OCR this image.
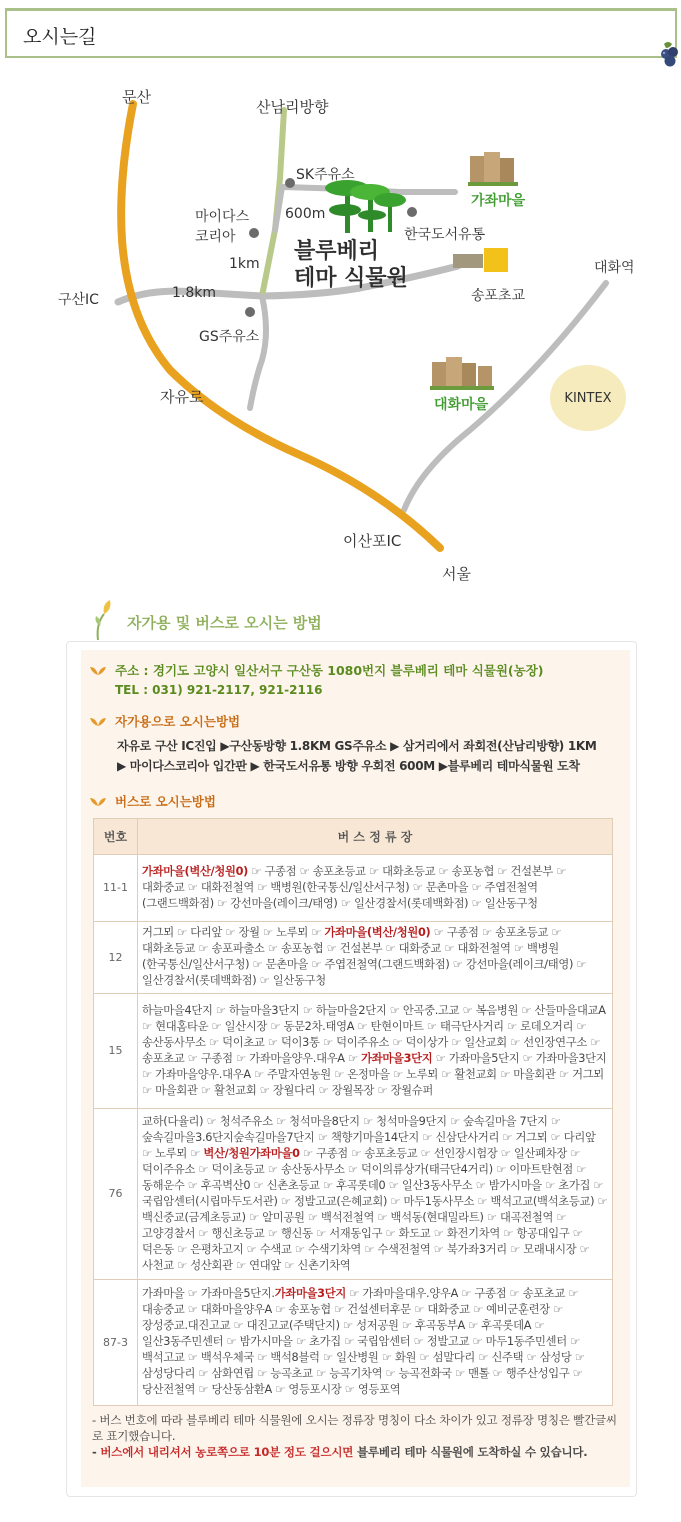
오시는길
문산
산남리방향
SK주유소
마이다스
코리아
600m
1km
구산IC	1.8km
GS주유소
자유로
이산포IC
서울
한국도서유통
송포초교
대화역
가좌마을
대화마을	KINTEX
블루베리
테마 식물원
자가용 및 버스로 오시는 방법
주소 : 경기도 고양시 일산서구 구산동 1080번지 블루베리 테마 식물원(농장)
TEL : 031) 921-2117, 921-2116
자가용으로 오시는방법
자유로 구산 IC진입 ▶구산동방향 1.8KM GS주유소 ▶ 삼거리에서 좌회전(산남리방향) 1KM
▶ 마이다스코리아 입간판 ▶ 한국도서유통 방향 우회전 600M ▶블루베리 테마식물원 도착
버스로 오시는방법
번호	버 스 정 류 장
11-1	가좌마을(벽산/청원0) ☞ 구종점 ☞ 송포초등교 ☞ 대화초등교 ☞ 송포농협 ☞ 건설본부 ☞ 대화중교 ☞ 대화전철역 ☞ 백병원(한국통신/일산서구청) ☞ 문촌마을 ☞ 주엽전철역(그랜드백화점) ☞ 강선마을(레이크/태영) ☞ 일산경찰서(롯데백화점) ☞ 일산동구청
12	거그뫼 ☞ 다리앞 ☞ 장월 ☞ 노루뫼 ☞ 가좌마을(벽산/청원0) ☞ 구종점 ☞ 송포초등교 ☞ 대화초등교 ☞ 송포파출소 ☞ 송포농협 ☞ 건설본부 ☞ 대화중교 ☞ 대화전철역 ☞ 백병원(한국통신/일산서구청) ☞ 문촌마을 ☞ 주엽전철역(그랜드백화점) ☞ 강선마을(레이크/태영) ☞ 일산경찰서(롯데백화점) ☞ 일산동구청
15	하늘마을4단지 ☞ 하늘마을3단지 ☞ 하늘마을2단지 ☞ 안곡중.고교 ☞ 복음병원 ☞ 산들마을대교A ☞ 현대홈타운 ☞ 일산시장 ☞ 동문2차.태영A ☞ 탄현이마트 ☞ 태극단사거리 ☞ 로데오거리 ☞ 송산동사무소 ☞ 덕이초교 ☞ 덕이3통 ☞ 덕이주유소 ☞ 덕이상가 ☞ 일산교회 ☞ 선인장연구소 ☞ 송포초교 ☞ 구종점 ☞ 가좌마을양우.대우A ☞ 가좌마을3단지 ☞ 가좌마을5단지 ☞ 가좌마을3단지 ☞ 가좌마을양우.대우A ☞ 주말자연농원 ☞ 온정마을 ☞ 노루뫼 ☞ 활천교회 ☞ 마을회관 ☞ 거그뫼 ☞ 마을회관 ☞ 활천교회 ☞ 장월다리 ☞ 장월목장 ☞ 장월슈퍼
76	교하(다율리) ☞ 청석주유소 ☞ 청석마을8단지 ☞ 청석마을9단지 ☞ 숲속길마을 7단지 ☞ 숲속길마을3.6단지숲속길마을7단지 ☞ 책향기마을14단지 ☞ 신삼단사거리 ☞ 거그뫼 ☞ 다리앞 ☞ 노루뫼 ☞ 벽산/청원가좌마을0 ☞ 구종점 ☞ 송포초등교 ☞ 선인장시험장 ☞ 일산폐차장 ☞ 덕이주유소 ☞ 덕이초등교 ☞ 송산동사무소 ☞ 덕이의류상가(태극단4거리) ☞ 이마트탄현점 ☞ 동해운수 ☞ 후곡벽산0 ☞ 신촌초등교 ☞ 후곡롯데0 ☞ 일산3동사무소 ☞ 밤가시마을 ☞ 초가집 ☞ 국립암센터(시립마두도서관) ☞ 정발고교(은혜교회) ☞ 마두1동사무소 ☞ 백석고교(백석초등교) ☞ 백신중교(금계초등교) ☞ 알미공원 ☞ 백석전철역 ☞ 백석동(현대밀라트) ☞ 대곡전철역 ☞ 고양경찰서 ☞ 행신초등교 ☞ 행신동 ☞ 서재동입구 ☞ 화도교 ☞ 화전기차역 ☞ 항공대입구 ☞ 덕은동 ☞ 은평차고지 ☞ 수색교 ☞ 수색기차역 ☞ 수색전철역 ☞ 북가좌3거리 ☞ 모래내시장 ☞ 사천교 ☞ 성산회관 ☞ 연대앞 ☞ 신촌기차역
87-3	가좌마을 ☞ 가좌마을5단지.가좌마을3단지 ☞ 가좌마을대우.양우A ☞ 구종점 ☞ 송포초교 ☞ 대송중교 ☞ 대화마을양우A ☞ 송포농협 ☞ 건설센터후문 ☞ 대화중교 ☞ 예비군훈련장 ☞ 장성중교.대진고교 ☞ 대진고교(주택단지) ☞ 성저공원 ☞ 후곡동부A ☞ 후곡롯데A ☞ 일산3동주민센터 ☞ 밤가시마을 ☞ 초가집 ☞ 국립암센터 ☞ 정발고교 ☞ 마두1동주민센터 ☞ 백석고교 ☞ 백석우체국 ☞ 백석8블럭 ☞ 일산병원 ☞ 화원 ☞ 섬말다리 ☞ 신주택 ☞ 삼성당 ☞ 삼성당다리 ☞ 삼화연립 ☞ 능곡초교 ☞ 능곡기차역 ☞ 능곡전화국 ☞ 맨톨 ☞ 행주산성입구 ☞ 당산전철역 ☞ 당산동삼환A ☞ 영등포시장 ☞ 영등포역
- 버스 번호에 따라 블루베리 테마 식물원에 오시는 정류장 명칭이 다소 차이가 있고 정류장 명칭은 빨간글씨로 표기했습니다.
- 버스에서 내리셔서 농로쪽으로 10분 정도 걸으시면 블루베리 테마 식물원에 도착하실 수 있습니다.
